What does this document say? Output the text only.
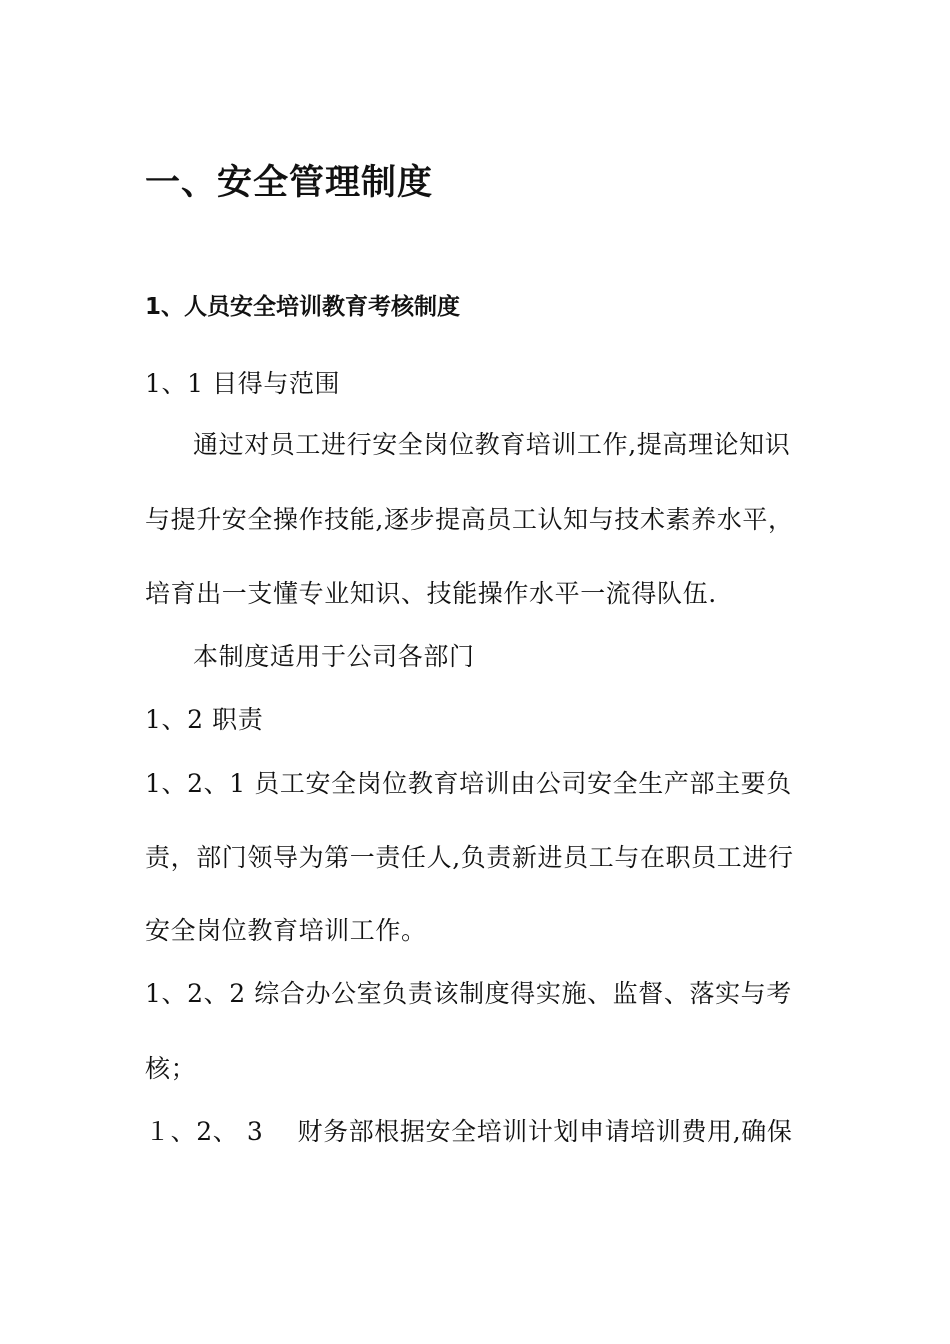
一、安全管理制度
1、人员安全培训教育考核制度
1、1 目得与范围
通过对员工进行安全岗位教育培训工作,提高理论知识
与提升安全操作技能,逐步提高员工认知与技术素养水平，
培育出一支懂专业知识、技能操作水平一流得队伍.
本制度适用于公司各部门
1、2 职责
1、2、1 员工安全岗位教育培训由公司安全生产部主要负
责，部门领导为第一责任人,负责新进员工与在职员工进行
安全岗位教育培训工作。
1、2、2 综合办公室负责该制度得实施、监督、落实与考
核；
１、2、 3　 财务部根据安全培训计划申请培训费用,确保
